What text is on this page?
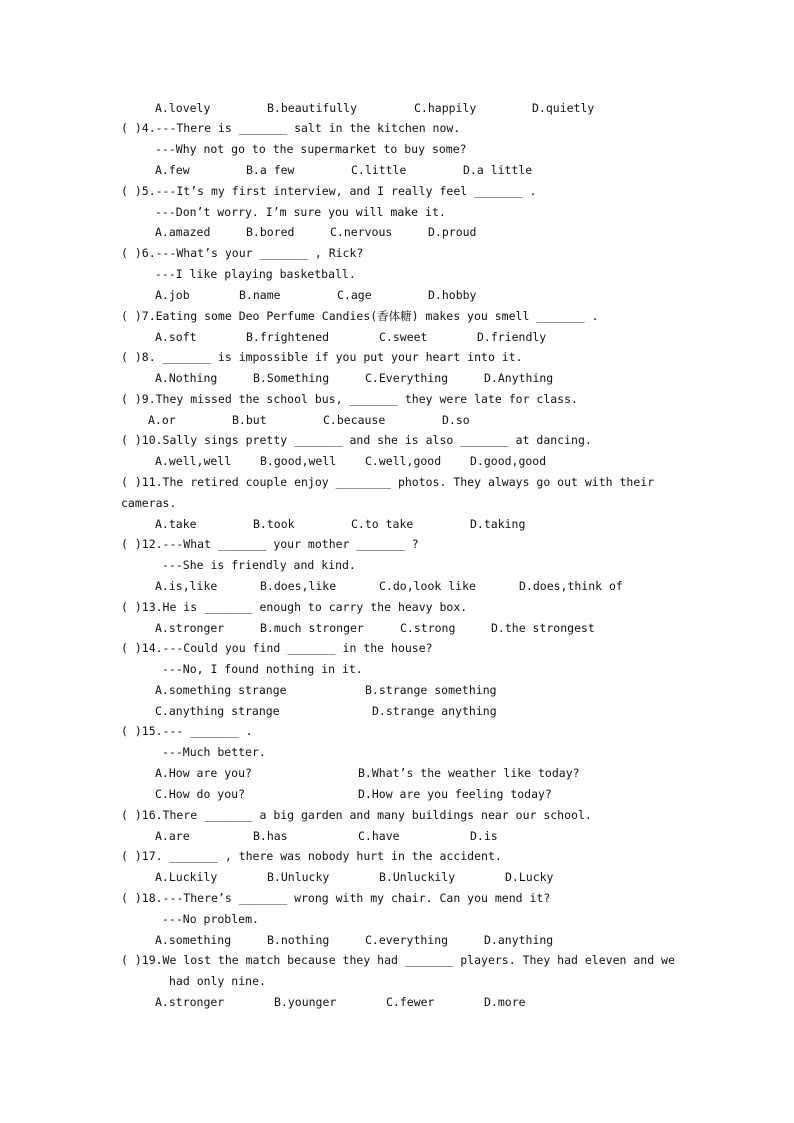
A.lovely	B.beautifully	C.happily	D.quietly
( )4.---There is _______ salt in the kitchen now.
---Why not go to the supermarket to buy some?
A.few	B.a few	C.little	D.a little
( )5.---It’s my first interview, and I really feel _______ .
---Don’t worry. I’m sure you will make it.
A.amazed	B.bored	C.nervous	D.proud
( )6.---What’s your _______ , Rick?
---I like playing basketball.
A.job	B.name	C.age	D.hobby
( )7.Eating some Deo Perfume Candies(香体糖) makes you smell _______ .
A.soft	B.frightened	C.sweet	D.friendly
( )8. _______ is impossible if you put your heart into it.
A.Nothing	B.Something	C.Everything	D.Anything
( )9.They missed the school bus, _______ they were late for class.
A.or	B.but	C.because	D.so
( )10.Sally sings pretty _______ and she is also _______ at dancing.
A.well,well	B.good,well	C.well,good	D.good,good
( )11.The retired couple enjoy ________ photos. They always go out with their
cameras.
A.take	B.took	C.to take	D.taking
( )12.---What _______ your mother _______ ?
---She is friendly and kind.
A.is,like	B.does,like	C.do,look like	D.does,think of
( )13.He is _______ enough to carry the heavy box.
A.stronger	B.much stronger	C.strong	D.the strongest
( )14.---Could you find _______ in the house?
---No, I found nothing in it.
A.something strange	B.strange something
C.anything strange	D.strange anything
( )15.--- _______ .
---Much better.
A.How are you?	B.What’s the weather like today?
C.How do you?	D.How are you feeling today?
( )16.There _______ a big garden and many buildings near our school.
A.are	B.has	C.have	D.is
( )17. _______ , there was nobody hurt in the accident.
A.Luckily	B.Unlucky	B.Unluckily	D.Lucky
( )18.---There’s _______ wrong with my chair. Can you mend it?
---No problem.
A.something	B.nothing	C.everything	D.anything
( )19.We lost the match because they had _______ players. They had eleven and we
had only nine.
A.stronger	B.younger	C.fewer	D.more
